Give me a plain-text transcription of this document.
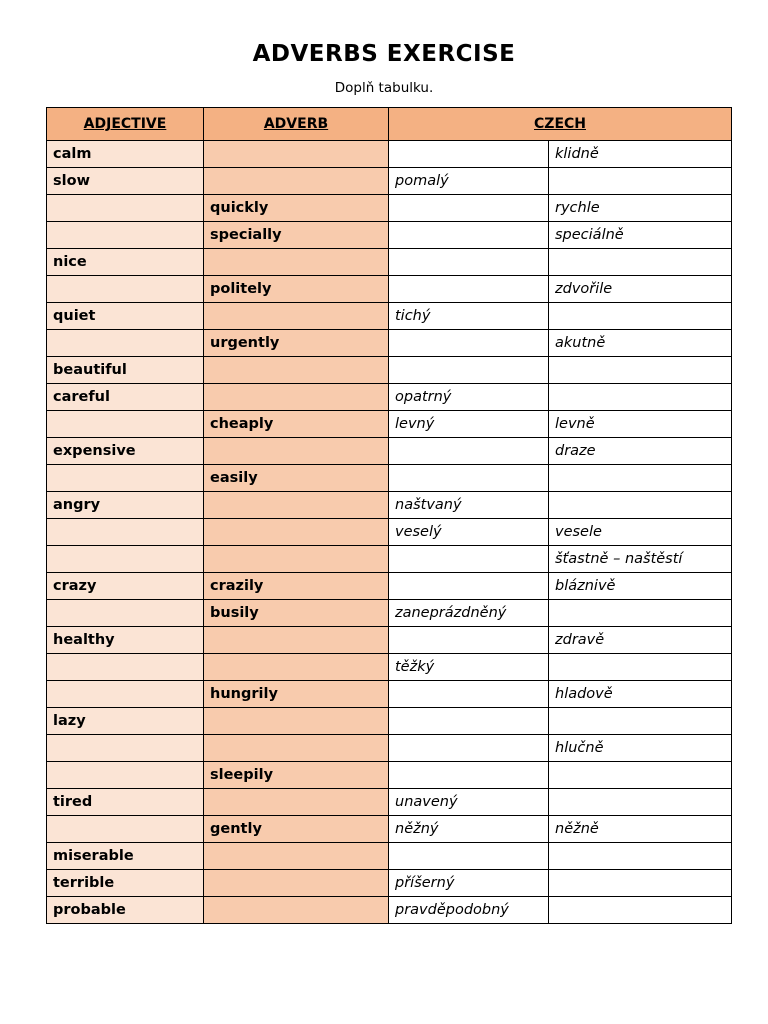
ADVERBS EXERCISE
Doplň tabulku.
ADJECTIVE	ADVERB	CZECH	
calm			klidně
slow		pomalý	
	quickly		rychle
	specially		speciálně
nice			
	politely		zdvořile
quiet		tichý	
	urgently		akutně
beautiful			
careful		opatrný	
	cheaply	levný	levně
expensive			draze
	easily		
angry		naštvaný	
		veselý	vesele
			šťastně – naštěstí
crazy	crazily		bláznivě
	busily	zaneprázdněný	
healthy			zdravě
		těžký	
	hungrily		hladově
lazy			
			hlučně
	sleepily		
tired		unavený	
	gently	něžný	něžně
miserable			
terrible		příšerný	
probable		pravděpodobný	
